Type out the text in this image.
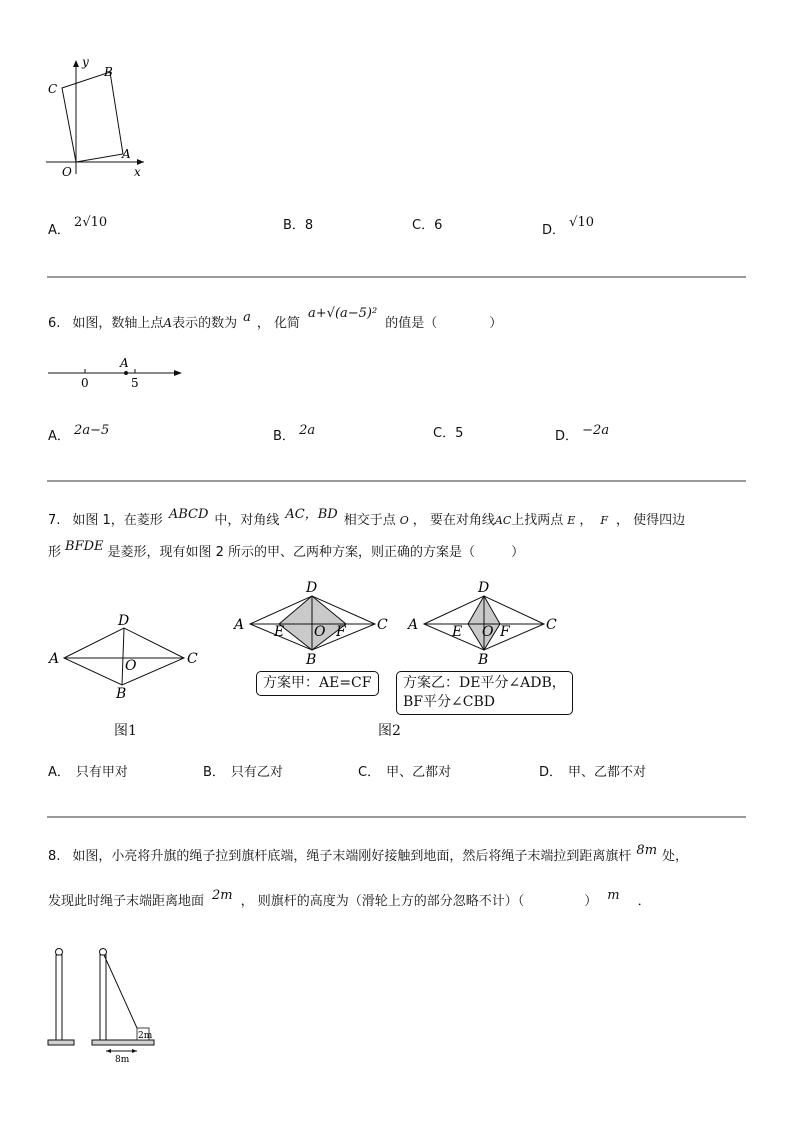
y
x
O
A
B
C
A． 2√10	B．8	C．6	D． √10
6. 如图，数轴上点A表示的数为 a ， 化简a+√(a−5)²的值是（	）
0	5
A
A． 2a−5	B． 2a	C．5	D． −2a
7. 如图 1，在菱形 ABCD 中，对角线 AC，BD 相交于点 O ， 要在对角线AC上找两点 E ， F ， 使得四边
形 BFDE 是菱形，现有如图 2 所示的甲、乙两种方案，则正确的方案是（	）
D
A	C
O
B
图1
D
A	C
E O F
B
方案甲：AE=CF
D
A	C
E O F
B
方案乙：DE平分∠ADB，
BF平分∠CBD
图2
A． 只有甲对	B． 只有乙对	C． 甲、乙都对	D． 甲、乙都不对
8. 如图，小亮将升旗的绳子拉到旗杆底端，绳子末端刚好接触到地面，然后将绳子末端拉到距离旗杆 8m 处，
发现此时绳子末端距离地面 2m ， 则旗杆的高度为（滑轮上方的部分忽略不计）（	） m ．
2m
8m
